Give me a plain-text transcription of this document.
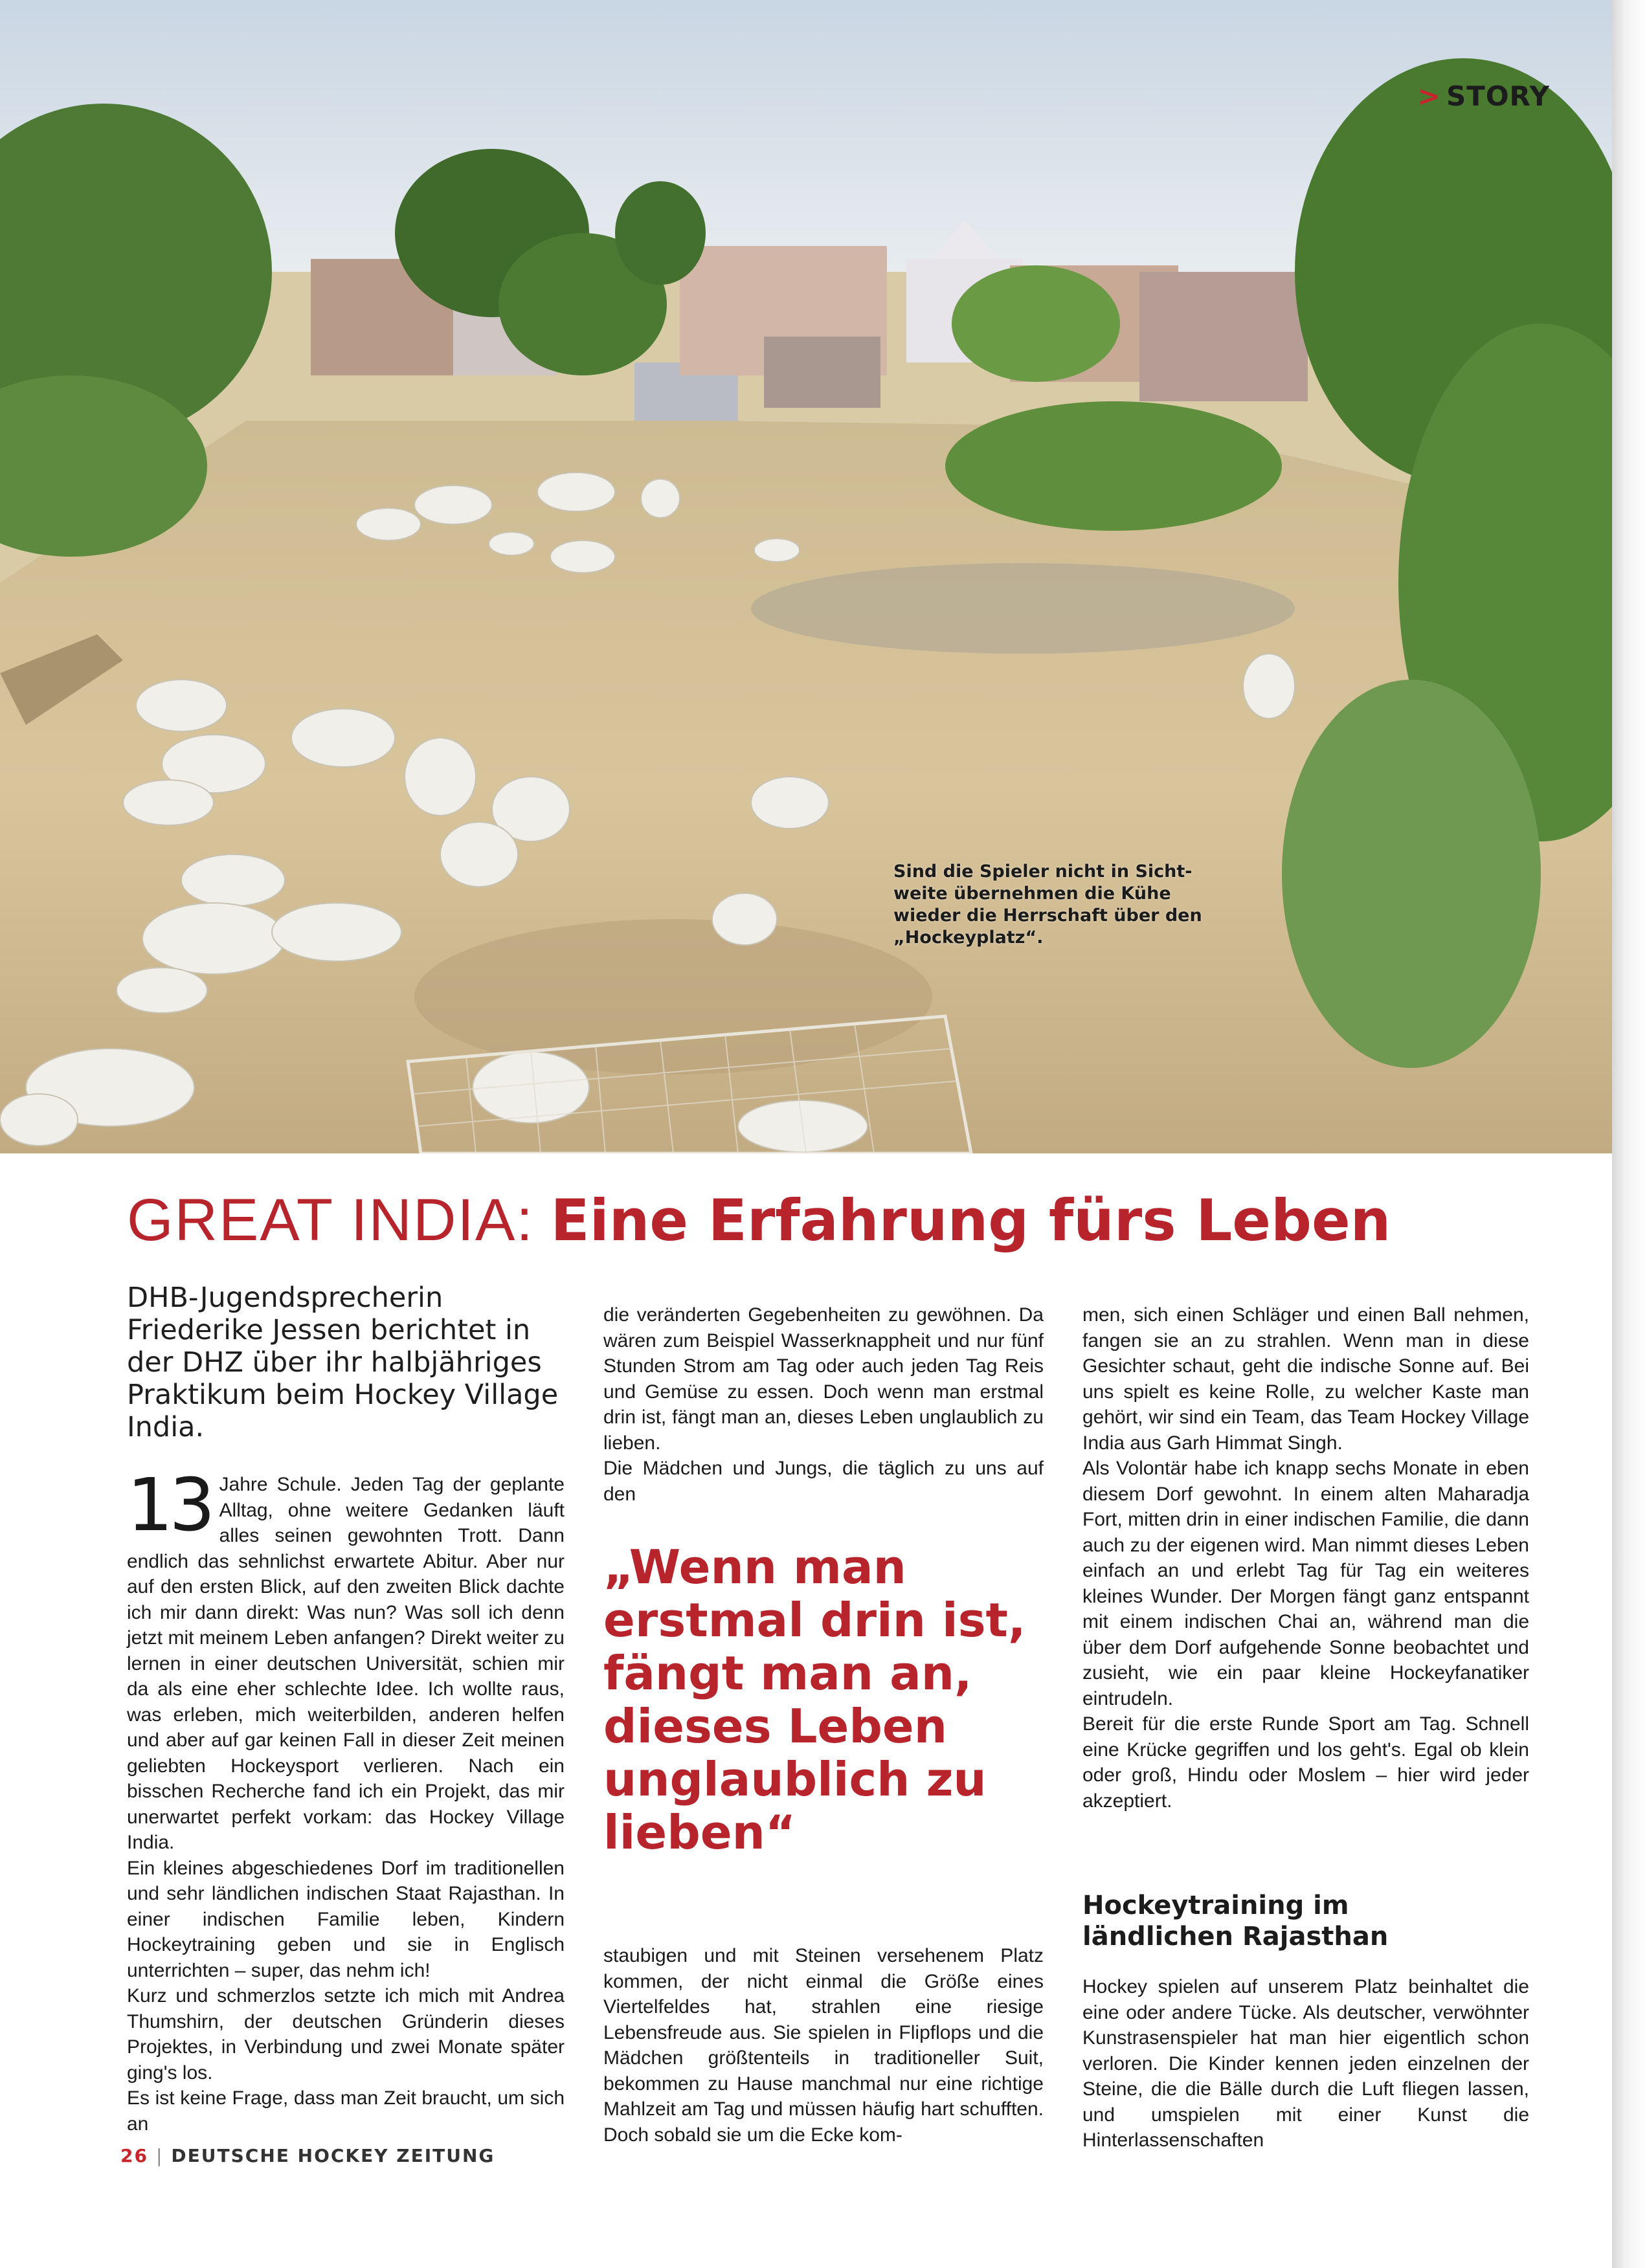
> STORY
Sind die Spieler nicht in Sicht-weite übernehmen die Kühe wieder die Herrschaft über den „Hockeyplatz“.
GREAT INDIA: Eine Erfahrung fürs Leben
DHB-Jugendsprecherin Friederike Jessen berichtet in der DHZ über ihr halbjähriges Praktikum beim Hockey Village India.

13 Jahre Schule. Jeden Tag der geplante Alltag, ohne weitere Gedanken läuft alles seinen gewohnten Trott. Dann endlich das sehnlichst erwartete Abitur. Aber nur auf den ersten Blick, auf den zweiten Blick dachte ich mir dann direkt: Was nun? Was soll ich denn jetzt mit meinem Leben anfangen? Direkt weiter zu lernen in einer deutschen Universität, schien mir da als eine eher schlechte Idee. Ich wollte raus, was erleben, mich weiterbilden, anderen helfen und aber auf gar keinen Fall in dieser Zeit meinen geliebten Hockeysport verlieren. Nach ein bisschen Recherche fand ich ein Projekt, das mir unerwartet perfekt vorkam: das Hockey Village India.

Ein kleines abgeschiedenes Dorf im traditionellen und sehr ländlichen indischen Staat Rajasthan. In einer indischen Familie leben, Kindern Hockeytraining geben und sie in Englisch unterrichten – super, das nehm ich!

Kurz und schmerzlos setzte ich mich mit Andrea Thumshirn, der deutschen Gründerin dieses Projektes, in Verbindung und zwei Monate später ging's los.

Es ist keine Frage, dass man Zeit braucht, um sich an

die veränderten Gegebenheiten zu gewöhnen. Da wären zum Beispiel Wasserknappheit und nur fünf Stunden Strom am Tag oder auch jeden Tag Reis und Gemüse zu essen. Doch wenn man erstmal drin ist, fängt man an, dieses Leben unglaublich zu lieben.

Die Mädchen und Jungs, die täglich zu uns auf den

„Wenn man erstmal drin ist, fängt man an, dieses Leben unglaublich zu lieben“

staubigen und mit Steinen versehenem Platz kommen, der nicht einmal die Größe eines Viertelfeldes hat, strahlen eine riesige Lebensfreude aus. Sie spielen in Flipflops und die Mädchen größtenteils in traditioneller Suit, bekommen zu Hause manchmal nur eine richtige Mahlzeit am Tag und müssen häufig hart schufften. Doch sobald sie um die Ecke kom-

men, sich einen Schläger und einen Ball nehmen, fangen sie an zu strahlen. Wenn man in diese Gesichter schaut, geht die indische Sonne auf. Bei uns spielt es keine Rolle, zu welcher Kaste man gehört, wir sind ein Team, das Team Hockey Village India aus Garh Himmat Singh.

Als Volontär habe ich knapp sechs Monate in eben diesem Dorf gewohnt. In einem alten Maharadja Fort, mitten drin in einer indischen Familie, die dann auch zu der eigenen wird. Man nimmt dieses Leben einfach an und erlebt Tag für Tag ein weiteres kleines Wunder. Der Morgen fängt ganz entspannt mit einem indischen Chai an, während man die über dem Dorf aufgehende Sonne beobachtet und zusieht, wie ein paar kleine Hockeyfanatiker eintrudeln.

Bereit für die erste Runde Sport am Tag. Schnell eine Krücke gegriffen und los geht's. Egal ob klein oder groß, Hindu oder Moslem – hier wird jeder akzeptiert.

Hockeytraining im ländlichen Rajasthan

Hockey spielen auf unserem Platz beinhaltet die eine oder andere Tücke. Als deutscher, verwöhnter Kunstrasenspieler hat man hier eigentlich schon verloren. Die Kinder kennen jeden einzelnen der Steine, die die Bälle durch die Luft fliegen lassen, und umspielen mit einer Kunst die Hinterlassenschaften

26 | DEUTSCHE HOCKEY ZEITUNG
